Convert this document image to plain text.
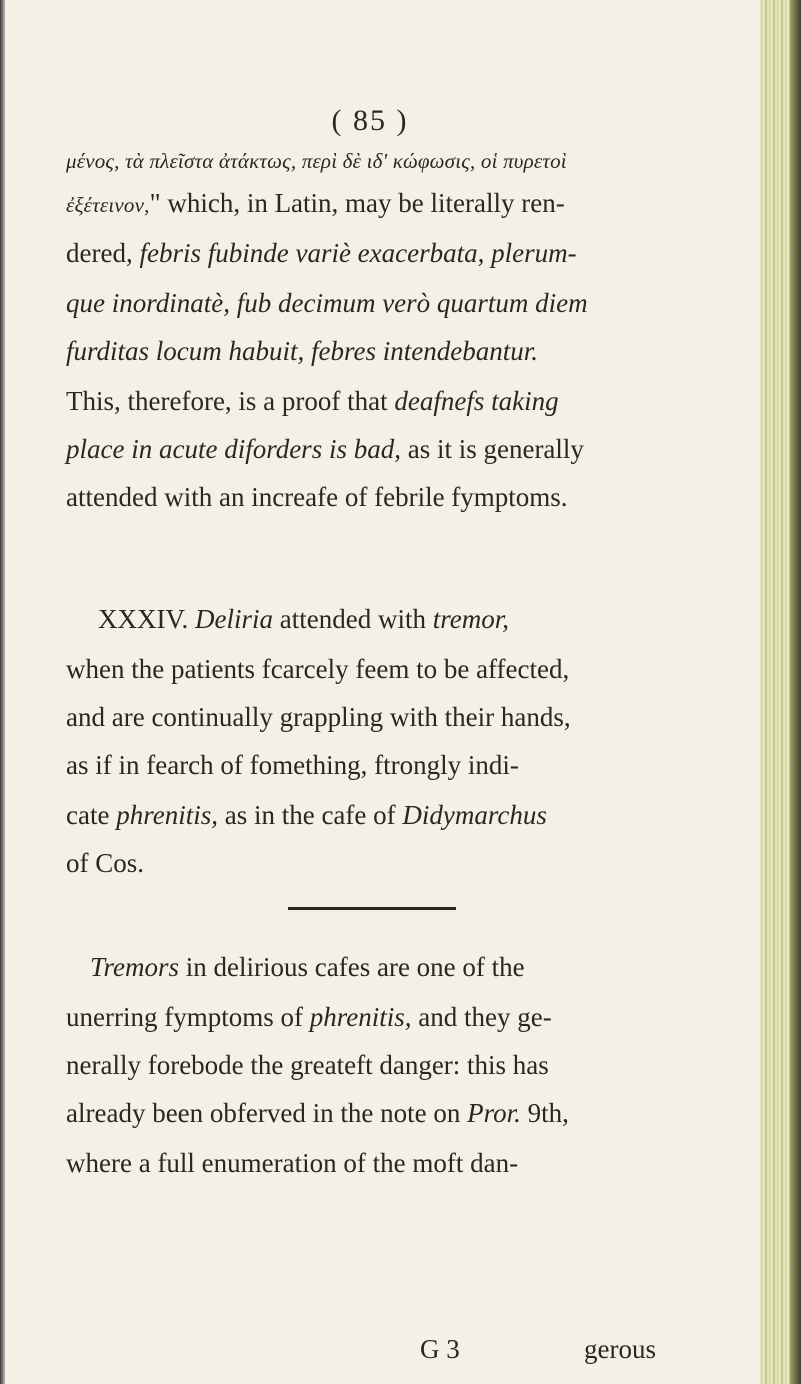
( 85 )
μένος, τὰ πλεῖστα ἀτάκτως, περὶ δὲ ιδ' κώφωσις, οἱ πυρετοὶ
ἐξέτεινον," which, in Latin, may be literally ren-
dered, febris fubinde variè exacerbata, plerum-
que inordinatè, fub decimum verò quartum diem
furditas locum habuit, febres intendebantur.
This, therefore, is a proof that deafnefs taking
place in acute diforders is bad, as it is generally
attended with an increafe of febrile fymptoms.
XXXIV. Deliria attended with tremor,
when the patients fcarcely feem to be affected,
and are continually grappling with their hands,
as if in fearch of fomething, ftrongly indi-
cate phrenitis, as in the cafe of Didymarchus
of Cos.
Tremors in delirious cafes are one of the
unerring fymptoms of phrenitis, and they ge-
nerally forebode the greateft danger: this has
already been obferved in the note on Pror. 9th,
where a full enumeration of the moft dan-
G 3	gerous
